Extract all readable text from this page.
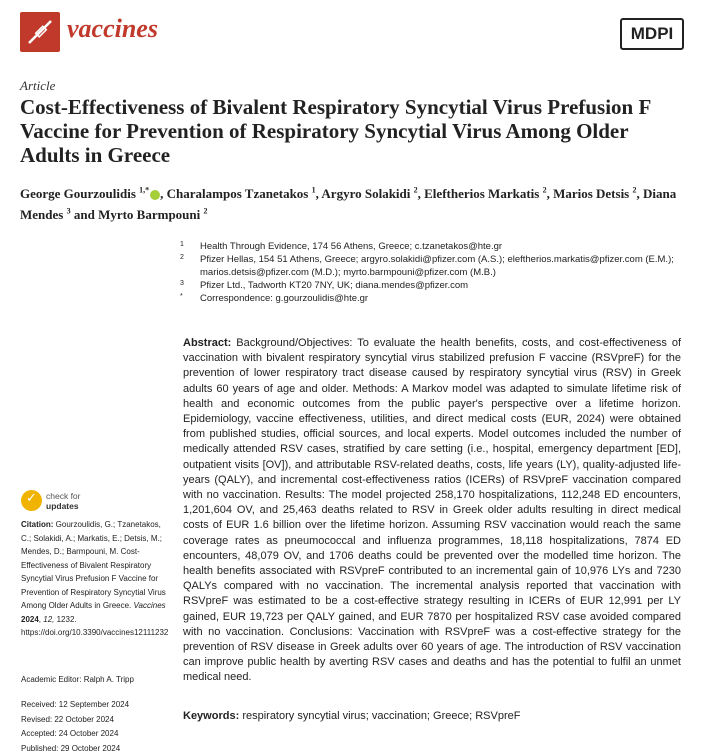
vaccines	MDPI
Article
Cost-Effectiveness of Bivalent Respiratory Syncytial Virus Prefusion F Vaccine for Prevention of Respiratory Syncytial Virus Among Older Adults in Greece
George Gourzoulidis $^{1,*}$ , Charalampos Tzanetakos $^1$, Argyro Solakidi $^2$, Eleftherios Markatis $^2$, Marios Detsis $^2$, Diana Mendes $^3$ and Myrto Barmpouni $^2$
1 Health Through Evidence, 174 56 Athens, Greece; c.tzanetakos@hte.gr
2 Pfizer Hellas, 154 51 Athens, Greece; argyro.solakidi@pfizer.com (A.S.); eleftherios.markatis@pfizer.com (E.M.); marios.detsis@pfizer.com (M.D.); myrto.barmpouni@pfizer.com (M.B.)
3 Pfizer Ltd., Tadworth KT20 7NY, UK; diana.mendes@pfizer.com
* Correspondence: g.gourzoulidis@hte.gr
Abstract: Background/Objectives: To evaluate the health benefits, costs, and cost-effectiveness of vaccination with bivalent respiratory syncytial virus stabilized prefusion F vaccine (RSVpreF) for the prevention of lower respiratory tract disease caused by respiratory syncytial virus (RSV) in Greek adults 60 years of age and older. Methods: A Markov model was adapted to simulate lifetime risk of health and economic outcomes from the public payer's perspective over a lifetime horizon. Epidemiology, vaccine effectiveness, utilities, and direct medical costs (EUR, 2024) were obtained from published studies, official sources, and local experts. Model outcomes included the number of medically attended RSV cases, stratified by care setting (i.e., hospital, emergency department [ED], outpatient visits [OV]), and attributable RSV-related deaths, costs, life years (LY), quality-adjusted life-years (QALY), and incremental cost-effectiveness ratios (ICERs) of RSVpreF vaccination compared with no vaccination. Results: The model projected 258,170 hospitalizations, 112,248 ED encounters, 1,201,604 OV, and 25,463 deaths related to RSV in Greek older adults resulting in direct medical costs of EUR 1.6 billion over the lifetime horizon. Assuming RSV vaccination would reach the same coverage rates as pneumococcal and influenza programmes, 18,118 hospitalizations, 7874 ED encounters, 48,079 OV, and 1706 deaths could be prevented over the modelled time horizon. The health benefits associated with RSVpreF contributed to an incremental gain of 10,976 LYs and 7230 QALYs compared with no vaccination. The incremental analysis reported that vaccination with RSVpreF was estimated to be a cost-effective strategy resulting in ICERs of EUR 12,991 per LY gained, EUR 19,723 per QALY gained, and EUR 7870 per hospitalized RSV case avoided compared with no vaccination. Conclusions: Vaccination with RSVpreF was a cost-effective strategy for the prevention of RSV disease in Greek adults over 60 years of age. The introduction of RSV vaccination can improve public health by averting RSV cases and deaths and has the potential to fulfil an unmet medical need.
Keywords: respiratory syncytial virus; vaccination; Greece; RSVpreF
✓
check for
updates
Citation: Gourzoulidis, G.; Tzanetakos, C.; Solakidi, A.; Markatis, E.; Detsis, M.; Mendes, D.; Barmpouni, M. Cost-Effectiveness of Bivalent Respiratory Syncytial Virus Prefusion F Vaccine for Prevention of Respiratory Syncytial Virus Among Older Adults in Greece. Vaccines 2024, 12, 1232. https://doi.org/10.3390/vaccines12111232
Academic Editor: Ralph A. Tripp
Received: 12 September 2024
Revised: 22 October 2024
Accepted: 24 October 2024
Published: 29 October 2024
